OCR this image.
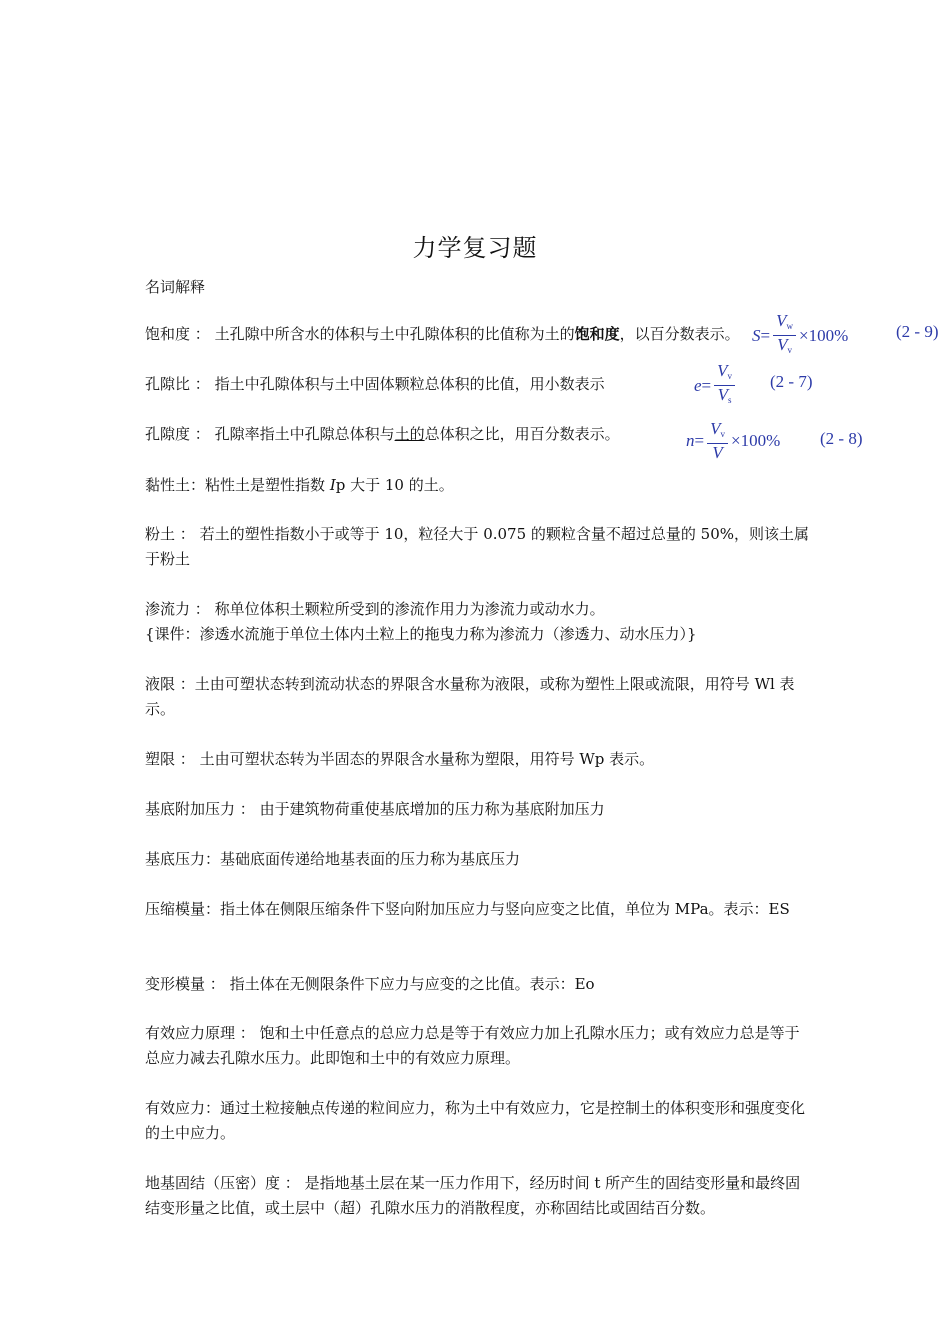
力学复习题
名词解释
饱和度 ： 土孔隙中所含水的体积与土中孔隙体积的比值称为土的饱和度，以百分数表示。
孔隙比 ： 指土中孔隙体积与土中固体颗粒总体积的比值，用小数表示
孔隙度 ： 孔隙率指土中孔隙总体积与土的总体积之比，用百分数表示。
黏性土：粘性土是塑性指数 Ip 大于 10 的土。
粉土 ： 若土的塑性指数小于或等于 10，粒径大于 0.075 的颗粒含量不超过总量的 50%，则该土属于粉土
渗流力 ： 称单位体积土颗粒所受到的渗流作用力为渗流力或动水力。
{课件：渗透水流施于单位土体内土粒上的拖曳力称为渗流力（渗透力、动水压力）}
液限 ：土由可塑状态转到流动状态的界限含水量称为液限，或称为塑性上限或流限，用符号 Wl 表示。
塑限 ： 土由可塑状态转为半固态的界限含水量称为塑限，用符号 Wp 表示。
基底附加压力 ： 由于建筑物荷重使基底增加的压力称为基底附加压力
基底压力：基础底面传递给地基表面的压力称为基底压力
压缩模量：指土体在侧限压缩条件下竖向附加压应力与竖向应变之比值，单位为 MPa。表示：ES
变形模量 ： 指土体在无侧限条件下应力与应变的之比值。表示：Eo
有效应力原理 ： 饱和土中任意点的总应力总是等于有效应力加上孔隙水压力；或有效应力总是等于总应力减去孔隙水压力。此即饱和土中的有效应力原理。
有效应力：通过土粒接触点传递的粒间应力，称为土中有效应力，它是控制土的体积变形和强度变化的土中应力。
地基固结（压密）度 ： 是指地基土层在某一压力作用下，经历时间 t 所产生的固结变形量和最终固结变形量之比值，或土层中（超）孔隙水压力的消散程度，亦称固结比或固结百分数。
$S = \frac{V_w}{V_v} \times 100\%$	(2 - 9)
$e = \frac{V_v}{V_s} (2 - 7)$
$n = \frac{V_v}{V} \times 100\%$ (2 - 8)
